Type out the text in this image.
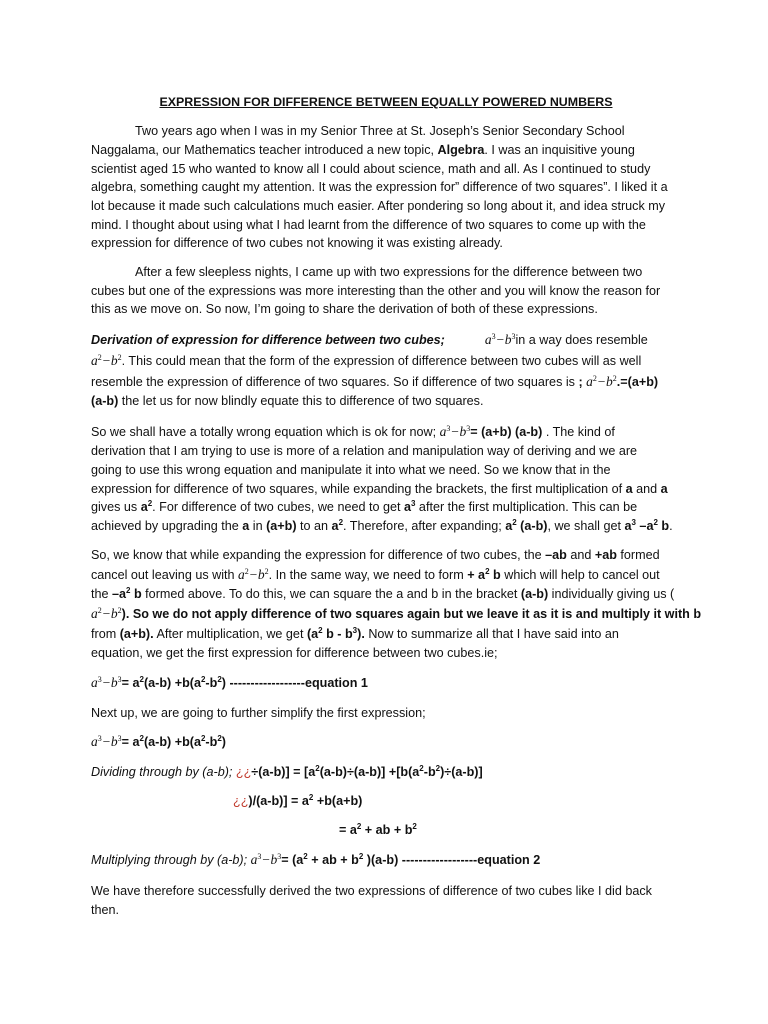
EXPRESSION FOR DIFFERENCE BETWEEN EQUALLY POWERED NUMBERS
Two years ago when I was in my Senior Three at St. Joseph’s Senior Secondary School
Naggalama, our Mathematics teacher introduced a new topic, Algebra. I was an inquisitive young
scientist aged 15 who wanted to know all I could about science, math and all. As I continued to study
algebra, something caught my attention. It was the expression for” difference of two squares”. I liked it a
lot because it made such calculations much easier. After pondering so long about it, and idea struck my
mind. I thought about using what I had learnt from the difference of two squares to come up with the
expression for difference of two cubes not knowing it was existing already.
After a few sleepless nights, I came up with two expressions for the difference between two
cubes but one of the expressions was more interesting than the other and you will know the reason for
this as we move on. So now, I’m going to share the derivation of both of these expressions.
Derivation of expression for difference between two cubes;	$a^3-b^3in$ a way does resemble
$a^2-b^2$. This could mean that the form of the expression of difference between two cubes will as well
resemble the expression of difference of two squares. So if difference of two squares is ; $a^2-b^2.=(a+b)$
(a-b) the let us for now blindly equate this to difference of two squares.
So we shall have a totally wrong equation which is ok for now; $a^3-b^3= (a+b)$ (a-b) . The kind of
derivation that I am trying to use is more of a relation and manipulation way of deriving and we are
going to use this wrong equation and manipulate it into what we need. So we know that in the
expression for difference of two squares, while expanding the brackets, the first multiplication of a and a
gives us $a^2$. For difference of two cubes, we need to get $a^3$ after the first multiplication. This can be
achieved by upgrading the a in (a+b) to an $a^2$. Therefore, after expanding; $a^2$ (a-b), we shall get $a^3$ $-a^2$ b.
So, we know that while expanding the expression for difference of two cubes, the –ab and +ab formed
cancel out leaving us with $a^2-b^2$. In the same way, we need to form + $a^2$ b which will help to cancel out
the $-a^2$ b formed above. To do this, we can square the a and b in the bracket (a-b) individually giving us (
$a^2-b^2$). So we do not apply difference of two squares again but we leave it as it is and multiply it with b
from (a+b). After multiplication, we get ($a^2$ b - $b^3$). Now to summarize all that I have said into an
equation, we get the first expression for difference between two cubes.ie;
$a^3-b^3= a^2(a-b) +b(a^2-b^2)$ ------------------equation 1
Next up, we are going to further simplify the first expression;
$a^3-b^3= a^2(a-b) +b(a^2-b^2)$
Dividing through by (a-b); ¿¿$\div(a-b)] = [a^2(a-b)\div(a-b)] +[b(a^2-b^2)\div(a-b)]$
¿¿)$/(a-b)] = a^2 +b(a+b)$
= $a^2$ + ab + $b^2$
Multiplying through by (a-b); $a^3-b^3= (a^2$ + ab + $b^2$ )(a-b) ------------------equation 2
We have therefore successfully derived the two expressions of difference of two cubes like I did back
then.
